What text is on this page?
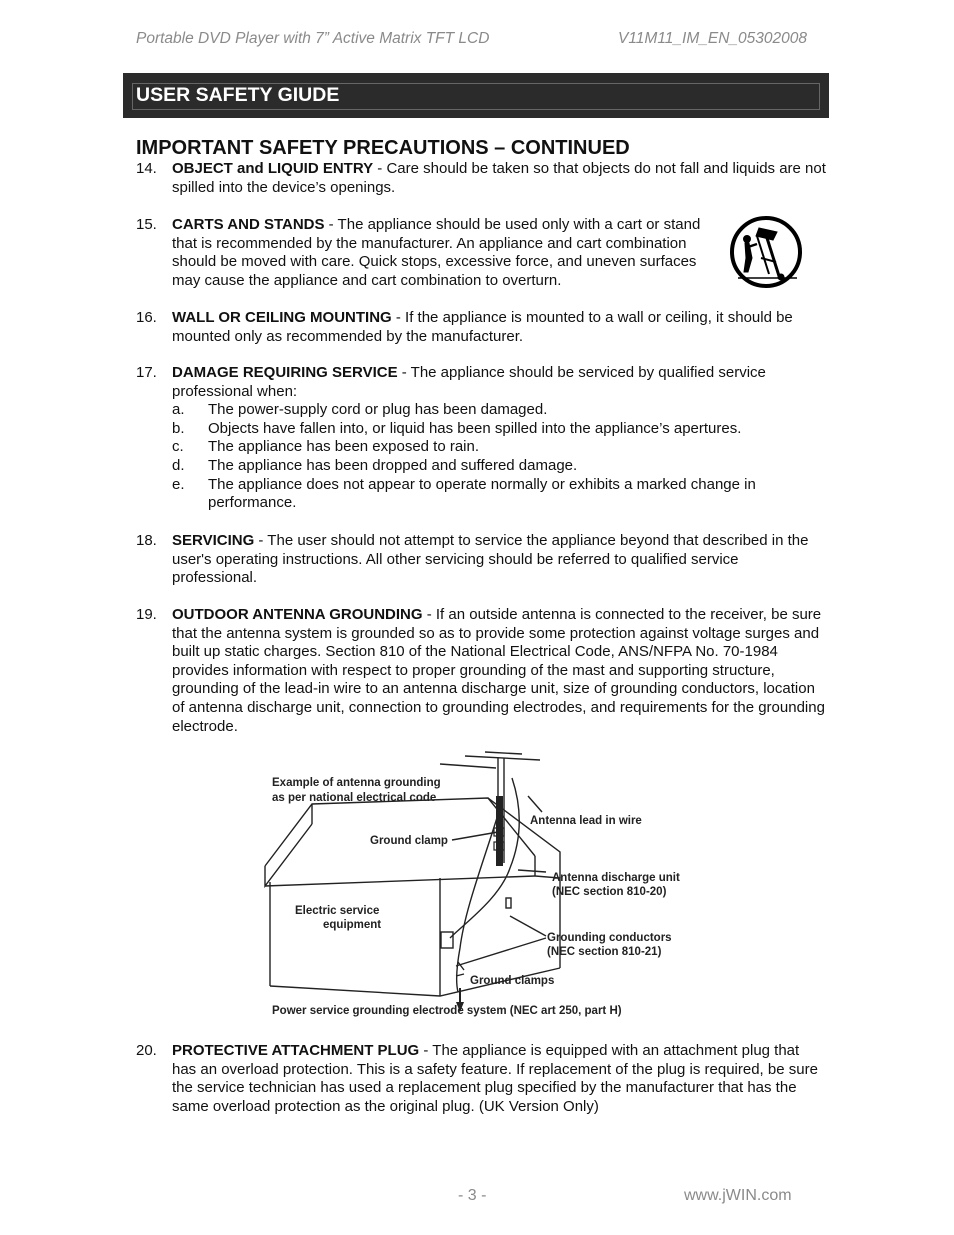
Portable DVD Player with 7” Active Matrix TFT LCD	V11M11_IM_EN_05302008
USER SAFETY GIUDE
IMPORTANT SAFETY PRECAUTIONS – CONTINUED
14. OBJECT and LIQUID ENTRY - Care should be taken so that objects do not fall and liquids are not spilled into the device’s openings.
15. CARTS AND STANDS - The appliance should be used only with a cart or stand that is recommended by the manufacturer. An appliance and cart combination should be moved with care. Quick stops, excessive force, and uneven surfaces may cause the appliance and cart combination to overturn.
16. WALL OR CEILING MOUNTING - If the appliance is mounted to a wall or ceiling, it should be mounted only as recommended by the manufacturer.
17. DAMAGE REQUIRING SERVICE - The appliance should be serviced by qualified service professional when:
a. The power-supply cord or plug has been damaged.
b. Objects have fallen into, or liquid has been spilled into the appliance’s apertures.
c. The appliance has been exposed to rain.
d. The appliance has been dropped and suffered damage.
e. The appliance does not appear to operate normally or exhibits a marked change in performance.
18. SERVICING - The user should not attempt to service the appliance beyond that described in the user's operating instructions. All other servicing should be referred to qualified service professional.
19. OUTDOOR ANTENNA GROUNDING - If an outside antenna is connected to the receiver, be sure that the antenna system is grounded so as to provide some protection against voltage surges and built up static charges. Section 810 of the National Electrical Code, ANS/NFPA No. 70-1984 provides information with respect to proper grounding of the mast and supporting structure, grounding of the lead-in wire to an antenna discharge unit, size of grounding conductors, location of antenna discharge unit, connection to grounding electrodes, and requirements for the grounding electrode.
Example of antenna grounding
as per national electrical code
Antenna lead in wire
Ground clamp
Antenna discharge unit
(NEC section 810-20)
Electric service
equipment
Grounding conductors
(NEC section 810-21)
Ground clamps
Power service grounding electrode system (NEC art 250, part H)
20. PROTECTIVE ATTACHMENT PLUG - The appliance is equipped with an attachment plug that has an overload protection. This is a safety feature. If replacement of the plug is required, be sure the service technician has used a replacement plug specified by the manufacturer that has the same overload protection as the original plug. (UK Version Only)
- 3 -	www.jWIN.com
